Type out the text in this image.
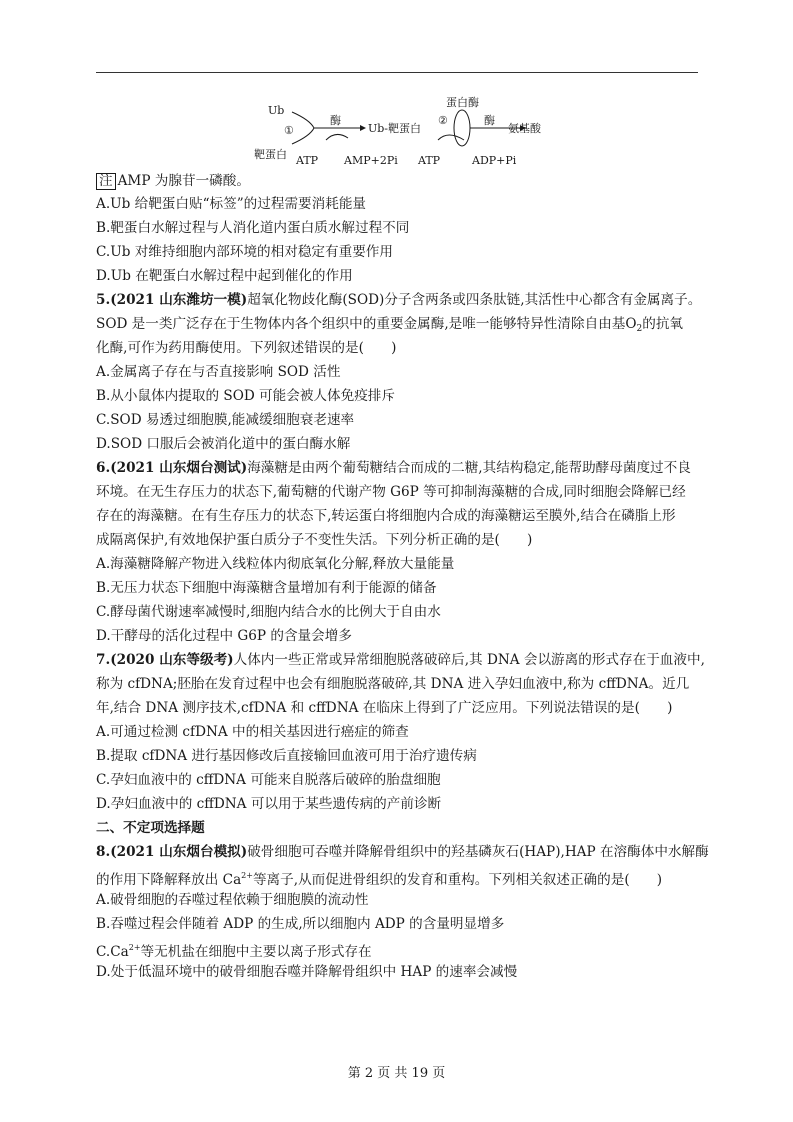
Ub
①
靶蛋白
酶
ATP AMP+2Pi
Ub-靶蛋白
蛋白酶
②	酶
ATP	ADP+Pi
氨基酸
注 AMP 为腺苷一磷酸。
A.Ub 给靶蛋白贴“标签”的过程需要消耗能量
B.靶蛋白水解过程与人消化道内蛋白质水解过程不同
C.Ub 对维持细胞内部环境的相对稳定有重要作用
D.Ub 在靶蛋白水解过程中起到催化的作用
5.(2021 山东潍坊一模)超氧化物歧化酶(SOD)分子含两条或四条肽链,其活性中心都含有金属离子。
SOD 是一类广泛存在于生物体内各个组织中的重要金属酶,是唯一能够特异性清除自由基$O_2$的抗氧
化酶,可作为药用酶使用。下列叙述错误的是(　　)
A.金属离子存在与否直接影响 SOD 活性
B.从小鼠体内提取的 SOD 可能会被人体免疫排斥
C.SOD 易透过细胞膜,能减缓细胞衰老速率
D.SOD 口服后会被消化道中的蛋白酶水解
6.(2021 山东烟台测试)海藻糖是由两个葡萄糖结合而成的二糖,其结构稳定,能帮助酵母菌度过不良
环境。在无生存压力的状态下,葡萄糖的代谢产物 G6P 等可抑制海藻糖的合成,同时细胞会降解已经
存在的海藻糖。在有生存压力的状态下,转运蛋白将细胞内合成的海藻糖运至膜外,结合在磷脂上形
成隔离保护,有效地保护蛋白质分子不变性失活。下列分析正确的是(　　)
A.海藻糖降解产物进入线粒体内彻底氧化分解,释放大量能量
B.无压力状态下细胞中海藻糖含量增加有利于能源的储备
C.酵母菌代谢速率减慢时,细胞内结合水的比例大于自由水
D.干酵母的活化过程中 G6P 的含量会增多
7.(2020 山东等级考)人体内一些正常或异常细胞脱落破碎后,其 DNA 会以游离的形式存在于血液中,
称为 cfDNA;胚胎在发育过程中也会有细胞脱落破碎,其 DNA 进入孕妇血液中,称为 cffDNA。近几
年,结合 DNA 测序技术,cfDNA 和 cffDNA 在临床上得到了广泛应用。下列说法错误的是(　　)
A.可通过检测 cfDNA 中的相关基因进行癌症的筛查
B.提取 cfDNA 进行基因修改后直接输回血液可用于治疗遗传病
C.孕妇血液中的 cffDNA 可能来自脱落后破碎的胎盘细胞
D.孕妇血液中的 cffDNA 可以用于某些遗传病的产前诊断
二、不定项选择题
8.(2021 山东烟台模拟)破骨细胞可吞噬并降解骨组织中的羟基磷灰石(HAP),HAP 在溶酶体中水解酶
的作用下降解释放出 $Ca^{2+}$等离子,从而促进骨组织的发育和重构。下列相关叙述正确的是(　　)
A.破骨细胞的吞噬过程依赖于细胞膜的流动性
B.吞噬过程会伴随着 ADP 的生成,所以细胞内 ADP 的含量明显增多
$C.Ca^{2+}$等无机盐在细胞中主要以离子形式存在
D.处于低温环境中的破骨细胞吞噬并降解骨组织中 HAP 的速率会减慢
第 2 页 共 19 页
